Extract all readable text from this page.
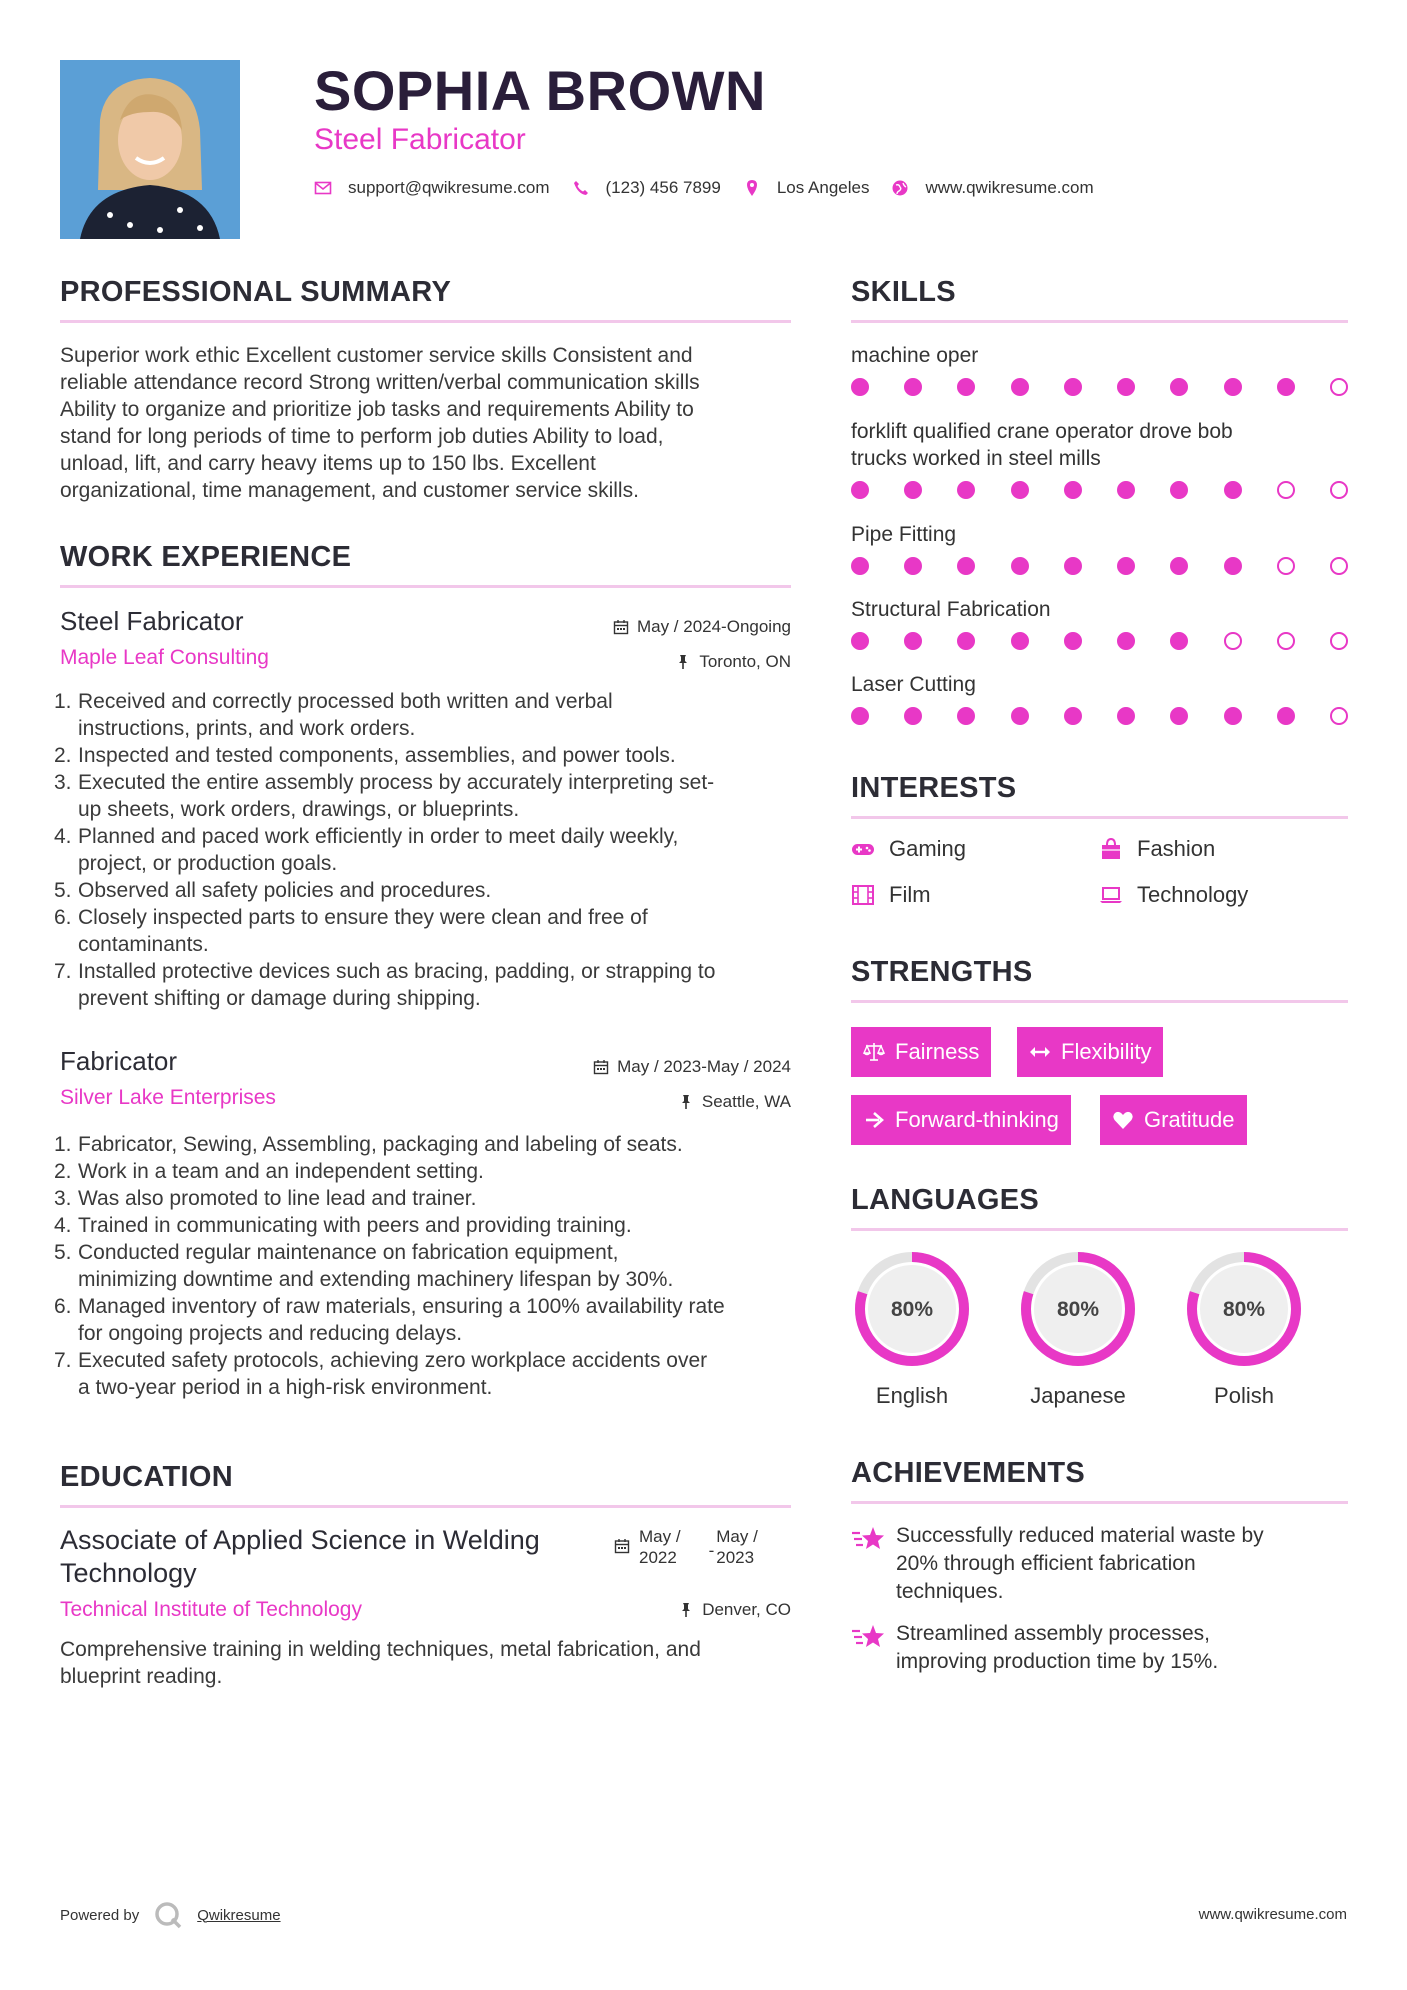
SOPHIA BROWN
Steel Fabricator
support@qwikresume.com	(123) 456 7899	Los Angeles	www.qwikresume.com
PROFESSIONAL SUMMARY
Superior work ethic Excellent customer service skills Consistent and
reliable attendance record Strong written/verbal communication skills
Ability to organize and prioritize job tasks and requirements Ability to
stand for long periods of time to perform job duties Ability to load,
unload, lift, and carry heavy items up to 150 lbs. Excellent
organizational, time management, and customer service skills.
WORK EXPERIENCE
Steel Fabricator	May / 2024-Ongoing
Maple Leaf Consulting	Toronto, ON
1. Received and correctly processed both written and verbal
instructions, prints, and work orders.
2. Inspected and tested components, assemblies, and power tools.
3. Executed the entire assembly process by accurately interpreting set-
up sheets, work orders, drawings, or blueprints.
4. Planned and paced work efficiently in order to meet daily weekly,
project, or production goals.
5. Observed all safety policies and procedures.
6. Closely inspected parts to ensure they were clean and free of
contaminants.
7. Installed protective devices such as bracing, padding, or strapping to
prevent shifting or damage during shipping.
Fabricator	May / 2023-May / 2024
Silver Lake Enterprises	Seattle, WA
1. Fabricator, Sewing, Assembling, packaging and labeling of seats.
2. Work in a team and an independent setting.
3. Was also promoted to line lead and trainer.
4. Trained in communicating with peers and providing training.
5. Conducted regular maintenance on fabrication equipment,
minimizing downtime and extending machinery lifespan by 30%.
6. Managed inventory of raw materials, ensuring a 100% availability rate
for ongoing projects and reducing delays.
7. Executed safety protocols, achieving zero workplace accidents over
a two-year period in a high-risk environment.
EDUCATION
Associate of Applied Science in Welding
Technology
May /
2022 -
May /
2023
Technical Institute of Technology	Denver, CO
Comprehensive training in welding techniques, metal fabrication, and
blueprint reading.
SKILLS
machine oper
forklift qualified crane operator drove bob
trucks worked in steel mills
Pipe Fitting
Structural Fabrication
Laser Cutting
INTERESTS
Gaming	Fashion
Film	Technology
STRENGTHS
Fairness	Flexibility
Forward-thinking	Gratitude
LANGUAGES
80%
English
80%
Japanese
80%
Polish
ACHIEVEMENTS
Successfully reduced material waste by
20% through efficient fabrication
techniques.
Streamlined assembly processes,
improving production time by 15%.
Powered by	Qwikresume	www.qwikresume.com
